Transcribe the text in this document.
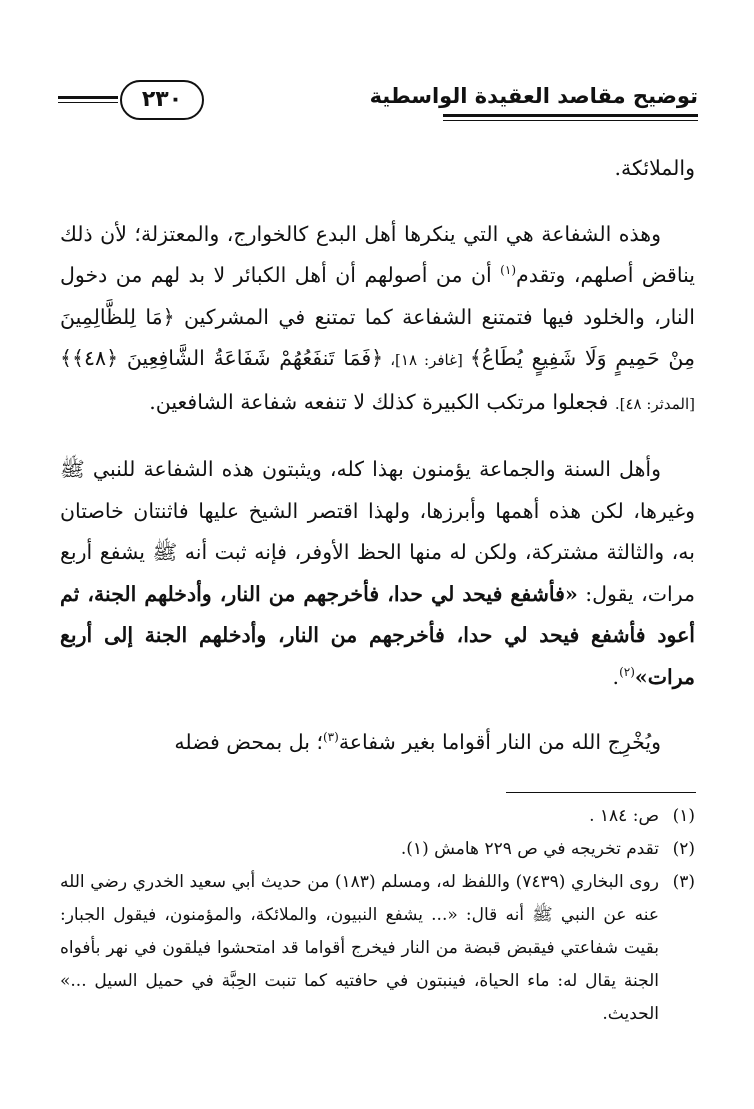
توضيح مقاصد العقيدة الواسطية
٢٣٠

والملائكة.

وهذه الشفاعة هي التي ينكرها أهل البدع كالخوارج، والمعتزلة؛ لأن ذلك يناقض أصلهم، وتقدم$^{(١)}$ أن من أصولهم أن أهل الكبائر لا بد لهم من دخول النار، والخلود فيها فتمتنع الشفاعة كما تمتنع في المشركين ﴿مَا لِلظَّالِمِينَ مِنْ حَمِيمٍ وَلَا شَفِيعٍ يُطَاعُ﴾ [غافر: ١٨]، ﴿فَمَا تَنفَعُهُمْ شَفَاعَةُ الشَّافِعِينَ ﴿٤٨﴾﴾ [المدثر: ٤٨]. فجعلوا مرتكب الكبيرة كذلك لا تنفعه شفاعة الشافعين.

وأهل السنة والجماعة يؤمنون بهذا كله، ويثبتون هذه الشفاعة للنبي ﷺ وغيرها، لكن هذه أهمها وأبرزها، ولهذا اقتصر الشيخ عليها فاثنتان خاصتان به، والثالثة مشتركة، ولكن له منها الحظ الأوفر، فإنه ثبت أنه ﷺ يشفع أربع مرات، يقول: «فأشفع فيحد لي حدا، فأخرجهم من النار، وأدخلهم الجنة، ثم أعود فأشفع فيحد لي حدا، فأخرجهم من النار، وأدخلهم الجنة إلى أربع مرات»$^{(٢)}$.

ويُخْرِج الله من النار أقواما بغير شفاعة$^{(٣)}$؛ بل بمحض فضله

(١)
ص: ١٨٤ .
(٢)
تقدم تخريجه في ص ٢٢٩ هامش (١).
(٣)
روى البخاري (٧٤٣٩) واللفظ له، ومسلم (١٨٣) من حديث أبي سعيد الخدري رضي الله عنه عن النبي ﷺ أنه قال: «... يشفع النبيون، والملائكة، والمؤمنون، فيقول الجبار: بقيت شفاعتي فيقبض قبضة من النار فيخرج أقواما قد امتحشوا فيلقون في نهر بأفواه الجنة يقال له: ماء الحياة، فينبتون في حافتيه كما تنبت الحِبَّة في حميل السيل ...» الحديث.
